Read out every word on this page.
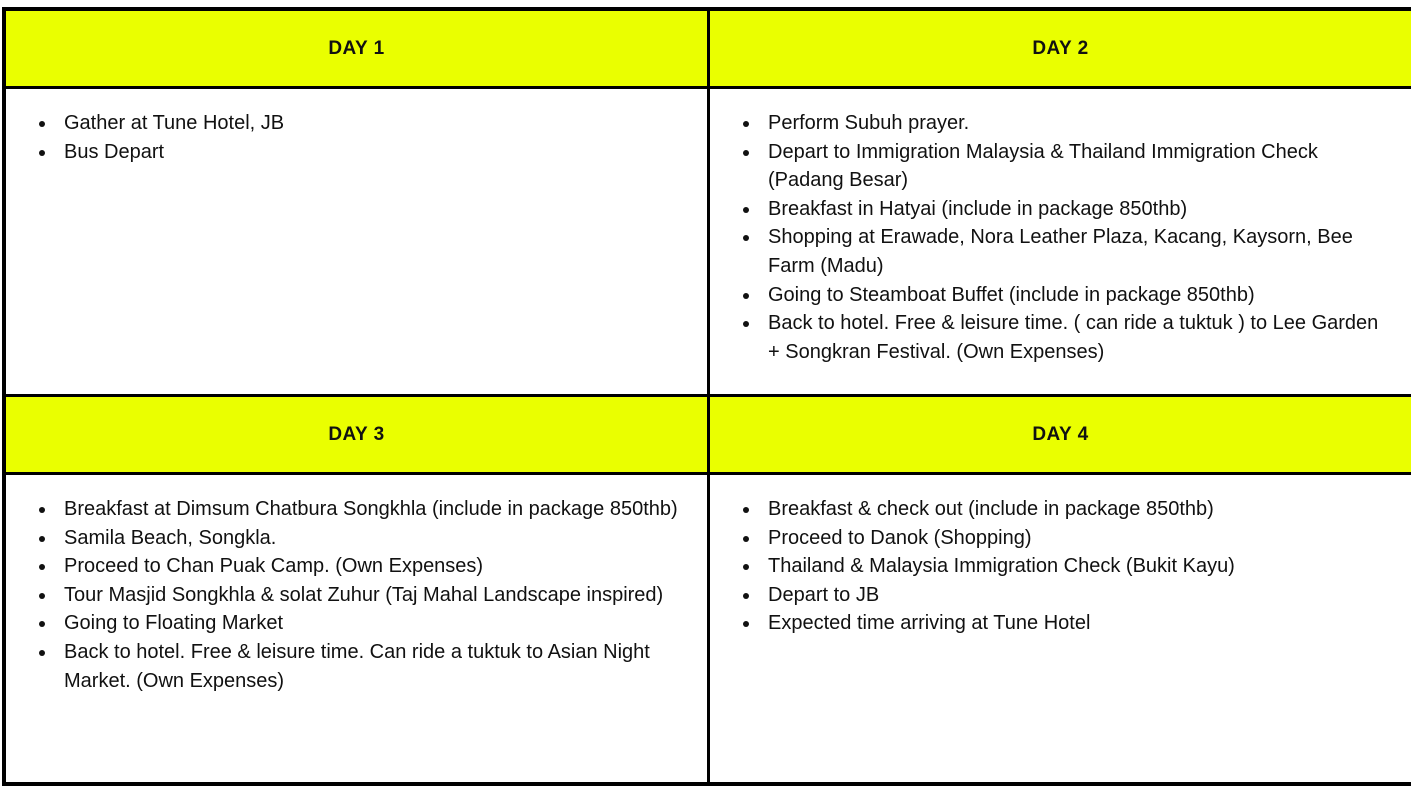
DAY 1	DAY 2
Gather at Tune Hotel, JB
Bus Depart
Perform Subuh prayer.
Depart to Immigration Malaysia & Thailand Immigration Check (Padang Besar)
Breakfast in Hatyai (include in package 850thb)
Shopping at Erawade, Nora Leather Plaza, Kacang, Kaysorn, Bee Farm (Madu)
Going to Steamboat Buffet (include in package 850thb)
Back to hotel. Free & leisure time. ( can ride a tuktuk ) to Lee Garden + Songkran Festival. (Own Expenses)
DAY 3	DAY 4
Breakfast at Dimsum Chatbura Songkhla (include in package 850thb)
Samila Beach, Songkla.
Proceed to Chan Puak Camp. (Own Expenses)
Tour Masjid Songkhla & solat Zuhur (Taj Mahal Landscape inspired)
Going to Floating Market
Back to hotel. Free & leisure time. Can ride a tuktuk to Asian Night Market. (Own Expenses)
Breakfast & check out (include in package 850thb)
Proceed to Danok (Shopping)
Thailand & Malaysia Immigration Check (Bukit Kayu)
Depart to JB
Expected time arriving at Tune Hotel
